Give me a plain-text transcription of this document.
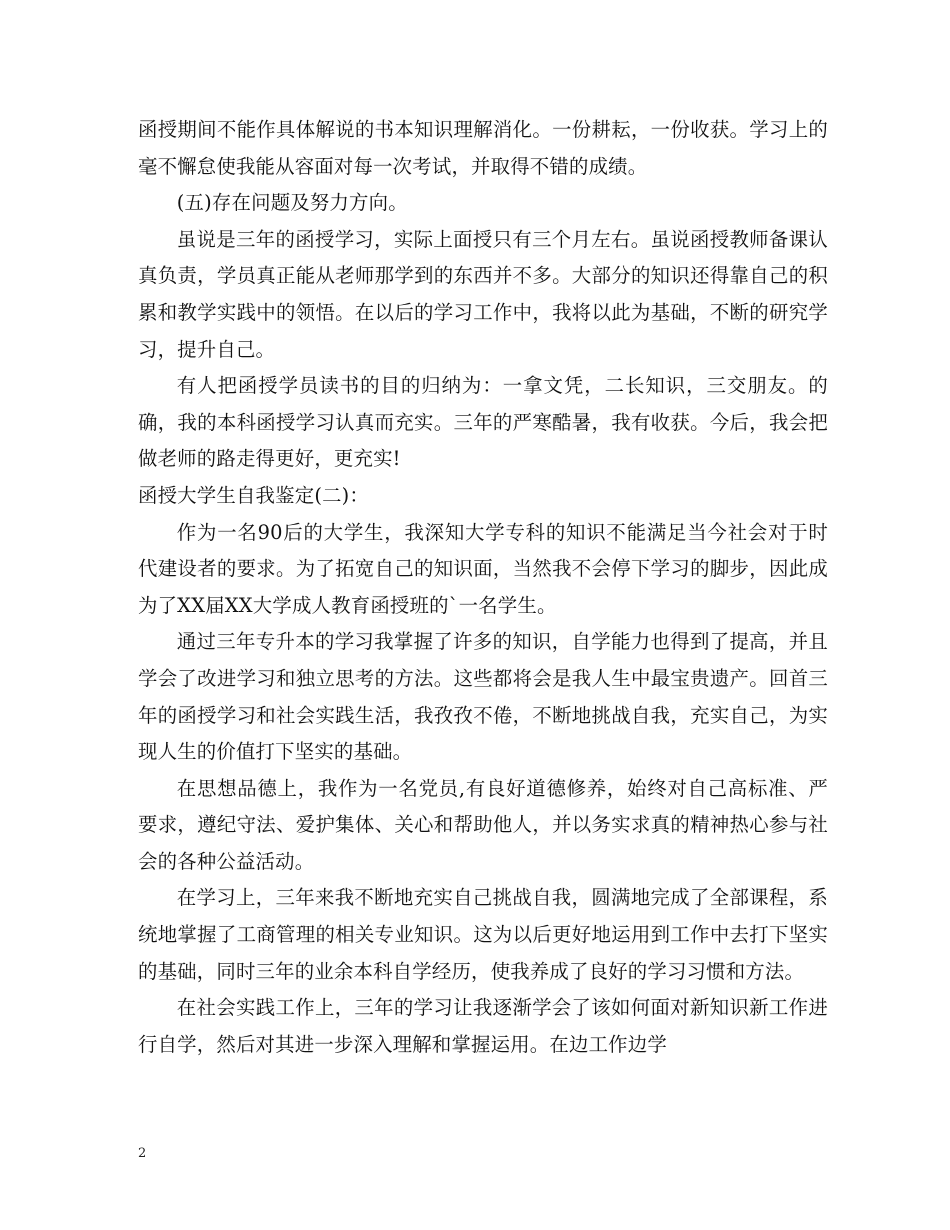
函授期间不能作具体解说的书本知识理解消化。一份耕耘，一份收获。学习上的毫不懈怠使我能从容面对每一次考试，并取得不错的成绩。

(五)存在问题及努力方向。

虽说是三年的函授学习，实际上面授只有三个月左右。虽说函授教师备课认真负责，学员真正能从老师那学到的东西并不多。大部分的知识还得靠自己的积累和教学实践中的领悟。在以后的学习工作中，我将以此为基础，不断的研究学习，提升自己。

有人把函授学员读书的目的归纳为：一拿文凭，二长知识，三交朋友。的确，我的本科函授学习认真而充实。三年的严寒酷暑，我有收获。今后，我会把做老师的路走得更好，更充实!

函授大学生自我鉴定(二)：

作为一名90后的大学生，我深知大学专科的知识不能满足当今社会对于时代建设者的要求。为了拓宽自己的知识面，当然我不会停下学习的脚步，因此成为了XX届XX大学成人教育函授班的`一名学生。

通过三年专升本的学习我掌握了许多的知识，自学能力也得到了提高，并且学会了改进学习和独立思考的方法。这些都将会是我人生中最宝贵遗产。回首三年的函授学习和社会实践生活，我孜孜不倦，不断地挑战自我，充实自己，为实现人生的价值打下坚实的基础。

在思想品德上，我作为一名党员,有良好道德修养，始终对自己高标准、严要求，遵纪守法、爱护集体、关心和帮助他人，并以务实求真的精神热心参与社会的各种公益活动。

在学习上，三年来我不断地充实自己挑战自我，圆满地完成了全部课程，系统地掌握了工商管理的相关专业知识。这为以后更好地运用到工作中去打下坚实的基础，同时三年的业余本科自学经历，使我养成了良好的学习习惯和方法。

在社会实践工作上，三年的学习让我逐渐学会了该如何面对新知识新工作进行自学，然后对其进一步深入理解和掌握运用。在边工作边学

2
